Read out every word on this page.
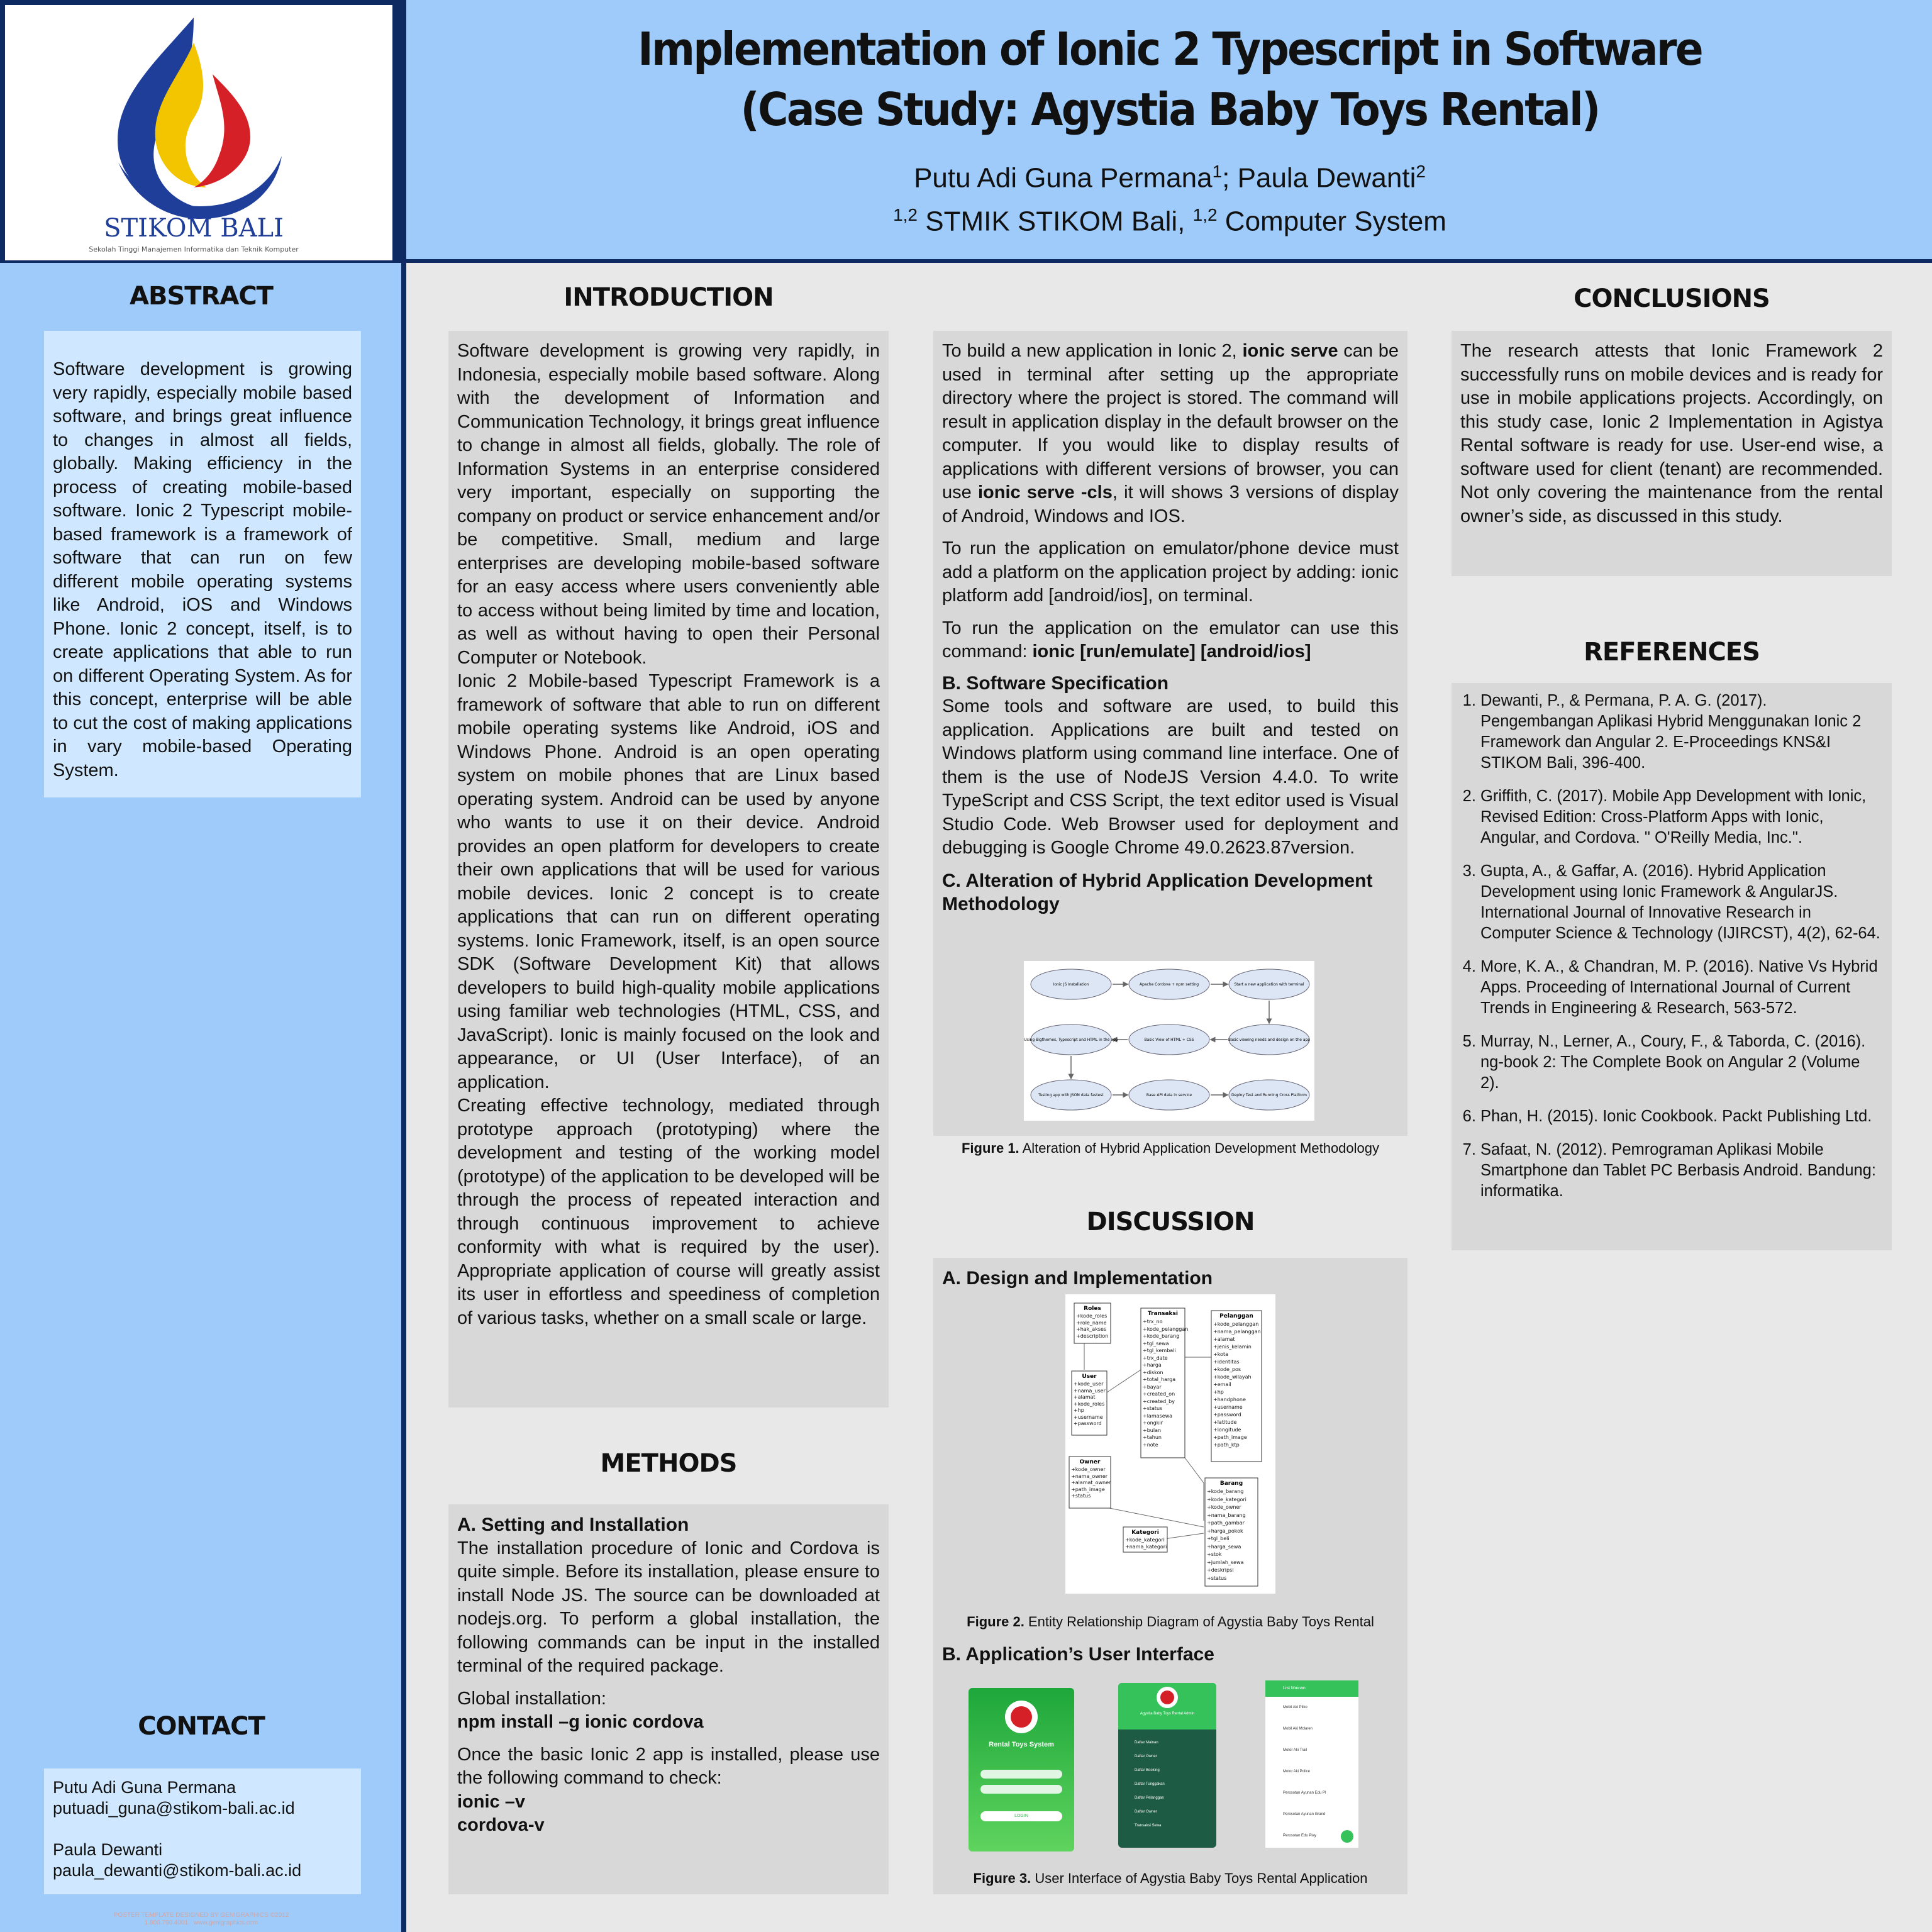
STIKOM BALI
Sekolah Tinggi Manajemen Informatika dan Teknik Komputer
Implementation of Ionic 2 Typescript in Software
(Case Study: Agystia Baby Toys Rental)
Putu Adi Guna Permana$^1$; Paula Dewanti$^2$
$^{1,2}$ STMIK STIKOM Bali, $^{1,2}$ Computer System
ABSTRACT

Software development is growing very rapidly, especially mobile based software, and brings great influence to changes in almost all fields, globally. Making efficiency in the process of creating mobile-based software. Ionic 2 Typescript mobile-based framework is a framework of software that can run on few different mobile operating systems like Android, iOS and Windows Phone. Ionic 2 concept, itself, is to create applications that able to run on different Operating System. As for this concept, enterprise will be able to cut the cost of making applications in vary mobile-based Operating System.

CONTACT
Putu Adi Guna Permana
putuadi_guna@stikom-bali.ac.id
Paula Dewanti
paula_dewanti@stikom-bali.ac.id
POSTER TEMPLATE DESIGNED BY GENIGRAPHICS ©2012
1.800.790.4001 · www.genigraphics.com
INTRODUCTION

Software development is growing very rapidly, in Indonesia, especially mobile based software. Along with the development of Information and Communication Technology, it brings great influence to change in almost all fields, globally. The role of Information Systems in an enterprise considered very important, especially on supporting the company on product or service enhancement and/or be competitive. Small, medium and large enterprises are developing mobile-based software for an easy access where users conveniently able to access without being limited by time and location, as well as without having to open their Personal Computer or Notebook.

Ionic 2 Mobile-based Typescript Framework is a framework of software that able to run on different mobile operating systems like Android, iOS and Windows Phone. Android is an open operating system on mobile phones that are Linux based operating system. Android can be used by anyone who wants to use it on their device. Android provides an open platform for developers to create their own applications that will be used for various mobile devices. Ionic 2 concept is to create applications that can run on different operating systems. Ionic Framework, itself, is an open source SDK (Software Development Kit) that allows developers to build high-quality mobile applications using familiar web technologies (HTML, CSS, and JavaScript). Ionic is mainly focused on the look and appearance, or UI (User Interface), of an application.

Creating effective technology, mediated through prototype approach (prototyping) where the development and testing of the working model (prototype) of the application to be developed will be through the process of repeated interaction and through continuous improvement to achieve conformity with what is required by the user). Appropriate application of course will greatly assist its user in effortless and speediness of completion of various tasks, whether on a small scale or large.

METHODS
A. Setting and Installation

The installation procedure of Ionic and Cordova is quite simple. Before its installation, please ensure to install Node JS. The source can be downloaded at nodejs.org. To perform a global installation, the following commands can be input in the installed terminal of the required package.

Global installation:

npm install –g ionic cordova

Once the basic Ionic 2 app is installed, please use the following command to check:

ionic –v

cordova-v

To build a new application in Ionic 2, ionic serve can be used in terminal after setting up the appropriate directory where the project is stored. The command will result in application display in the default browser on the computer. If you would like to display results of applications with different versions of browser, you can use ionic serve -cls, it will shows 3 versions of display of Android, Windows and IOS.

To run the application on emulator/phone device must add a platform on the application project by adding: ionic platform add [android/ios], on terminal.

To run the application on the emulator can use this command: ionic [run/emulate] [android/ios]

B. Software Specification

Some tools and software are used, to build this application. Applications are built and tested on Windows platform using command line interface. One of them is the use of NodeJS Version 4.4.0. To write TypeScript and CSS Script, the text editor used is Visual Studio Code. Web Browser used for deployment and debugging is Google Chrome 49.0.2623.87version.

C. Alteration of Hybrid Application Development Methodology
Ionic JS Installation	Apache Cordova + npm setting	Start a new application with terminal
Using Bigthemes, Typescript and HTML in the app	Basic View of HTML + CSS	Basic viewing needs and design on the app
Testing app with JSON data fastest	Base API data in service	Deploy Test and Running Cross Platform
Figure 1. Alteration of Hybrid Application Development Methodology
DISCUSSION
A. Design and Implementation
Roles
User
Transaksi	Pelanggan
Owner
Kategori
Barang
+kode_roles
+role_name
+hak_akses
+description
+kode_user
+nama_user
+alamat
+kode_roles
+hp
+username
+password
+trx_no
+kode_pelanggan
+kode_barang
+tgl_sewa
+tgl_kembali
+trx_date
+harga
+diskon
+total_harga
+bayar
+created_on
+created_by
+status
+lamasewa
+ongkir
+bulan
+tahun
+note
+kode_pelanggan
+nama_pelanggan
+alamat
+jenis_kelamin
+kota
+identitas
+kode_pos
+kode_wilayah
+email
+hp
+handphone
+username
+password
+latitude
+longitude
+path_image
+path_ktp
+kode_owner
+nama_owner
+alamat_owner
+path_image
+status
+kode_kategori
+nama_kategori
+kode_barang
+kode_kategori
+kode_owner
+nama_barang
+path_gambar
+harga_pokok
+tgl_beli
+harga_sewa
+stok
+jumlah_sewa
+deskripsi
+status
Figure 2. Entity Relationship Diagram of Agystia Baby Toys Rental
B. Application’s User Interface
Rental Toys System
LOGIN
Agystia Baby Toys Rental Admin
Daftar Mainan
Daftar Owner
Daftar Booking
Daftar Tunggakan
Daftar Pelanggan
Daftar Owner
Transaksi Sewa
List Mainan
Mobil Aki Pliko
Mobil Aki Mclaren
Motor Aki Trail
Motor Aki Police
Perosotan Ayunan Edu Pl
Perosotan Ayunan Grand
Perosotan Edu Play
Figure 3. User Interface of Agystia Baby Toys Rental Application
CONCLUSIONS

The research attests that Ionic Framework 2 successfully runs on mobile devices and is ready for use in mobile applications projects. Accordingly, on this study case, Ionic 2 Implementation in Agistya Rental software is ready for use. User-end wise, a software used for client (tenant) are recommended. Not only covering the maintenance from the rental owner’s side, as discussed in this study.

REFERENCES
1. Dewanti, P., & Permana, P. A. G. (2017). Pengembangan Aplikasi Hybrid Menggunakan Ionic 2 Framework dan Angular 2. E-Proceedings KNS&I STIKOM Bali, 396-400.
2. Griffith, C. (2017). Mobile App Development with Ionic, Revised Edition: Cross-Platform Apps with Ionic, Angular, and Cordova. " O'Reilly Media, Inc.".
3. Gupta, A., & Gaffar, A. (2016). Hybrid Application Development using Ionic Framework & AngularJS. International Journal of Innovative Research in Computer Science & Technology (IJIRCST), 4(2), 62-64.
4. More, K. A., & Chandran, M. P. (2016). Native Vs Hybrid Apps. Proceeding of International Journal of Current Trends in Engineering & Research, 563-572.
5. Murray, N., Lerner, A., Coury, F., & Taborda, C. (2016). ng-book 2: The Complete Book on Angular 2 (Volume 2).
6. Phan, H. (2015). Ionic Cookbook. Packt Publishing Ltd.
7. Safaat, N. (2012). Pemrograman Aplikasi Mobile Smartphone dan Tablet PC Berbasis Android. Bandung: informatika.
